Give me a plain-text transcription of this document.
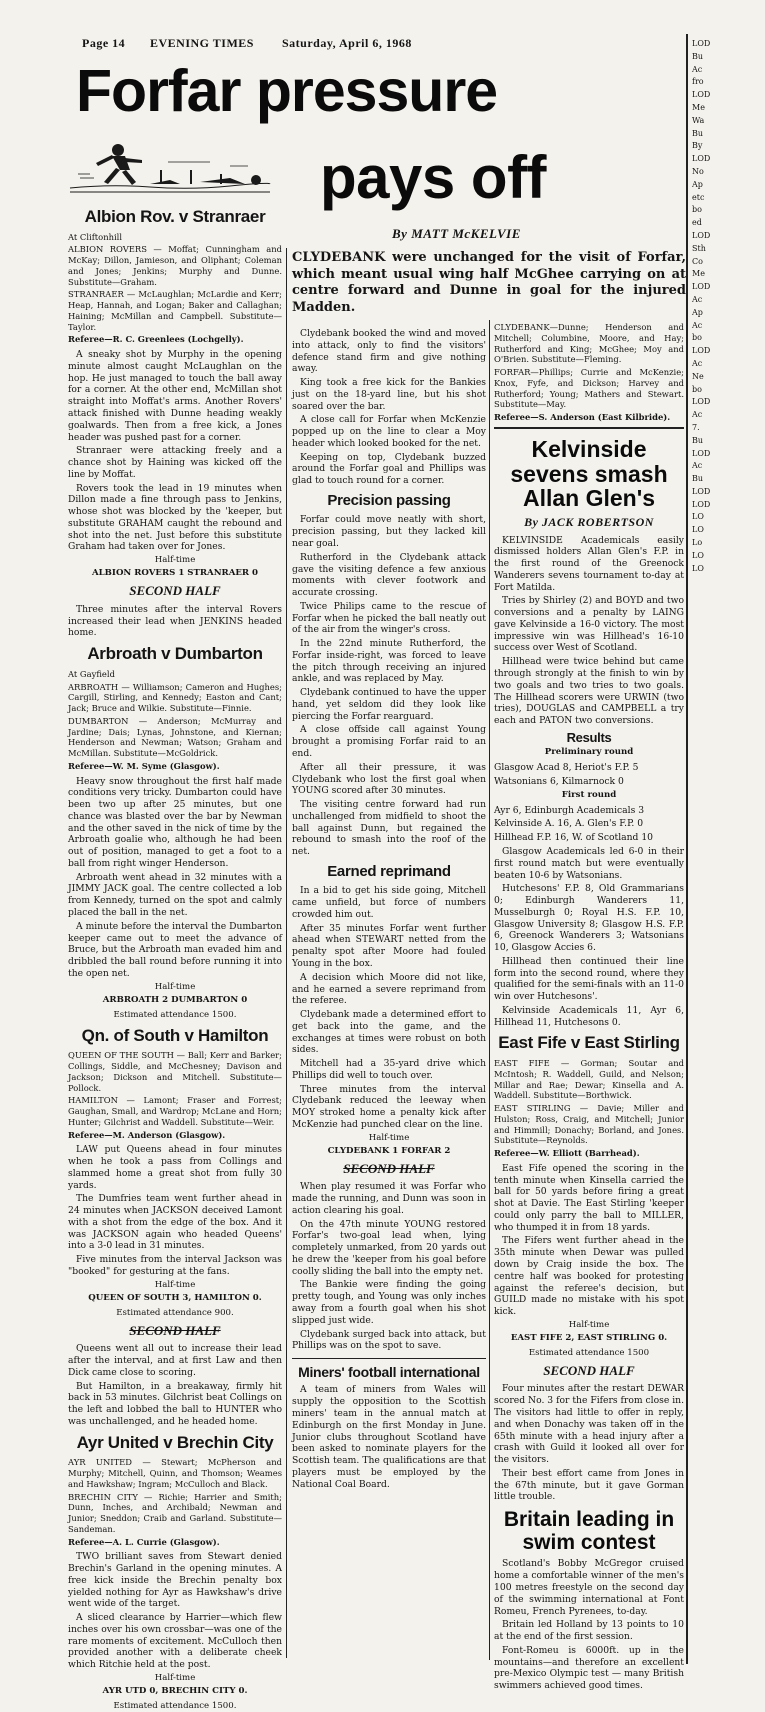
Page 14 EVENING TIMES Saturday, April 6, 1968
Forfar pressure
pays off
By MATT McKELVIE
Albion Rov. v Stranraer

At Cliftonhill

ALBION ROVERS — Moffat; Cunningham and McKay; Dillon, Jamieson, and Oliphant; Coleman and Jones; Jenkins; Murphy and Dunne. Substitute—Graham.

STRANRAER — McLaughlan; McLardie and Kerr; Heap, Hannah, and Logan; Baker and Callaghan; Haining; McMillan and Campbell. Substitute—Taylor.

Referee—R. C. Greenlees (Lochgelly).

A sneaky shot by Murphy in the opening minute almost caught McLaughlan on the hop. He just managed to touch the ball away for a corner. At the other end, McMillan shot straight into Moffat's arms. Another Rovers' attack finished with Dunne heading weakly goalwards. Then from a free kick, a Jones header was pushed past for a corner.

Stranraer were attacking freely and a chance shot by Haining was kicked off the line by Moffat.

Rovers took the lead in 19 minutes when Dillon made a fine through pass to Jenkins, whose shot was blocked by the 'keeper, but substitute GRAHAM caught the rebound and shot into the net. Just before this substitute Graham had taken over for Jones.

Half-time

ALBION ROVERS 1 STRANRAER 0

SECOND HALF

Three minutes after the interval Rovers increased their lead when JENKINS headed home.

Arbroath v Dumbarton

At Gayfield

ARBROATH — Williamson; Cameron and Hughes; Cargill, Stirling, and Kennedy; Easton and Cant; Jack; Bruce and Wilkie. Substitute—Finnie.

DUMBARTON — Anderson; McMurray and Jardine; Dais; Lynas, Johnstone, and Kiernan; Henderson and Newman; Watson; Graham and McMillan. Substitute—McGoldrick.

Referee—W. M. Syme (Glasgow).

Heavy snow throughout the first half made conditions very tricky. Dumbarton could have been two up after 25 minutes, but one chance was blasted over the bar by Newman and the other saved in the nick of time by the Arbroath goalie who, although he had been out of position, managed to get a foot to a ball from right winger Henderson.

Arbroath went ahead in 32 minutes with a JIMMY JACK goal. The centre collected a lob from Kennedy, turned on the spot and calmly placed the ball in the net.

A minute before the interval the Dumbarton keeper came out to meet the advance of Bruce, but the Arbroath man evaded him and dribbled the ball round before running it into the open net.

Half-time

ARBROATH 2 DUMBARTON 0

Estimated attendance 1500.

Qn. of South v Hamilton

QUEEN OF THE SOUTH — Ball; Kerr and Barker; Collings, Siddle, and McChesney; Davison and Jackson; Dickson and Mitchell. Substitute—Pollock.

HAMILTON — Lamont; Fraser and Forrest; Gaughan, Small, and Wardrop; McLane and Horn; Hunter; Gilchrist and Waddell. Substitute—Weir.

Referee—M. Anderson (Glasgow).

LAW put Queens ahead in four minutes when he took a pass from Collings and slammed home a great shot from fully 30 yards.

The Dumfries team went further ahead in 24 minutes when JACKSON deceived Lamont with a shot from the edge of the box. And it was JACKSON again who headed Queens' into a 3-0 lead in 31 minutes.

Five minutes from the interval Jackson was "booked" for gesturing at the fans.

Half-time

QUEEN OF SOUTH 3, HAMILTON 0.

Estimated attendance 900.

SECOND HALF

Queens went all out to increase their lead after the interval, and at first Law and then Dick came close to scoring.

But Hamilton, in a breakaway, firmly hit back in 53 minutes. Gilchrist beat Collings on the left and lobbed the ball to HUNTER who was unchallenged, and he headed home.

Ayr United v Brechin City

AYR UNITED — Stewart; McPherson and Murphy; Mitchell, Quinn, and Thomson; Weames and Hawkshaw; Ingram; McCulloch and Black.

BRECHIN CITY — Richie; Harrier and Smith; Dunn, Inches, and Archibald; Newman and Junior; Sneddon; Craib and Garland. Substitute—Sandeman.

Referee—A. L. Currie (Glasgow).

TWO brilliant saves from Stewart denied Brechin's Garland in the opening minutes. A free kick inside the Brechin penalty box yielded nothing for Ayr as Hawkshaw's drive went wide of the target.

A sliced clearance by Harrier—which flew inches over his own crossbar—was one of the rare moments of excitement. McCulloch then provided another with a deliberate cheek which Ritchie held at the post.

Half-time

AYR UTD 0, BRECHIN CITY 0.

Estimated attendance 1500.

CLYDEBANK were unchanged for the visit of Forfar, which meant usual wing half McGhee carrying on at centre forward and Dunne in goal for the injured Madden.

Clydebank booked the wind and moved into attack, only to find the visitors' defence stand firm and give nothing away.

King took a free kick for the Bankies just on the 18-yard line, but his shot soared over the bar.

A close call for Forfar when McKenzie popped up on the line to clear a Moy header which looked booked for the net.

Keeping on top, Clydebank buzzed around the Forfar goal and Phillips was glad to touch round for a corner.

Precision passing

Forfar could move neatly with short, precision passing, but they lacked kill near goal.

Rutherford in the Clydebank attack gave the visiting defence a few anxious moments with clever footwork and accurate crossing.

Twice Philips came to the rescue of Forfar when he picked the ball neatly out of the air from the winger's cross.

In the 22nd minute Rutherford, the Forfar inside-right, was forced to leave the pitch through receiving an injured ankle, and was replaced by May.

Clydebank continued to have the upper hand, yet seldom did they look like piercing the Forfar rearguard.

A close offside call against Young brought a promising Forfar raid to an end.

After all their pressure, it was Clydebank who lost the first goal when YOUNG scored after 30 minutes.

The visiting centre forward had run unchallenged from midfield to shoot the ball against Dunn, but regained the rebound to smash into the roof of the net.

Earned reprimand

In a bid to get his side going, Mitchell came unfield, but force of numbers crowded him out.

After 35 minutes Forfar went further ahead when STEWART netted from the penalty spot after Moore had fouled Young in the box.

A decision which Moore did not like, and he earned a severe reprimand from the referee.

Clydebank made a determined effort to get back into the game, and the exchanges at times were robust on both sides.

Mitchell had a 35-yard drive which Phillips did well to touch over.

Three minutes from the interval Clydebank reduced the leeway when MOY stroked home a penalty kick after McKenzie had punched clear on the line.

Half-time

CLYDEBANK 1 FORFAR 2

SECOND HALF

When play resumed it was Forfar who made the running, and Dunn was soon in action clearing his goal.

On the 47th minute YOUNG restored Forfar's two-goal lead when, lying completely unmarked, from 20 yards out he drew the 'keeper from his goal before coolly sliding the ball into the empty net.

The Bankie were finding the going pretty tough, and Young was only inches away from a fourth goal when his shot slipped just wide.

Clydebank surged back into attack, but Phillips was on the spot to save.

Miners' football international

A team of miners from Wales will supply the opposition to the Scottish miners' team in the annual match at Edinburgh on the first Monday in June. Junior clubs throughout Scotland have been asked to nominate players for the Scottish team. The qualifications are that players must be employed by the National Coal Board.

CLYDEBANK—Dunne; Henderson and Mitchell; Columbine, Moore, and Hay; Rutherford and King; McGhee; Moy and O'Brien. Substitute—Fleming.

FORFAR—Phillips; Currie and McKenzie; Knox, Fyfe, and Dickson; Harvey and Rutherford; Young; Mathers and Stewart. Substitute—May.

Referee—S. Anderson (East Kilbride).

Kelvinside
sevens smash
Allan Glen's
By JACK ROBERTSON

KELVINSIDE Academicals easily dismissed holders Allan Glen's F.P. in the first round of the Greenock Wanderers sevens tournament to-day at Fort Matilda.

Tries by Shirley (2) and BOYD and two conversions and a penalty by LAING gave Kelvinside a 16-0 victory. The most impressive win was Hillhead's 16-10 success over West of Scotland.

Hillhead were twice behind but came through strongly at the finish to win by two goals and two tries to two goals. The Hillhead scorers were URWIN (two tries), DOUGLAS and CAMPBELL a try each and PATON two conversions.

Results

Preliminary round

Glasgow Acad 8, Heriot's F.P. 5

Watsonians 6, Kilmarnock 0

First round

Ayr 6, Edinburgh Academicals 3

Kelvinside A. 16, A. Glen's F.P. 0

Hillhead F.P. 16, W. of Scotland 10

Glasgow Academicals led 6-0 in their first round match but were eventually beaten 10-6 by Watsonians.

Hutchesons' F.P. 8, Old Grammarians 0; Edinburgh Wanderers 11, Musselburgh 0; Royal H.S. F.P. 10, Glasgow University 8; Glasgow H.S. F.P. 6, Greenock Wanderers 3; Watsonians 10, Glasgow Accies 6.

Hillhead then continued their line form into the second round, where they qualified for the semi-finals with an 11-0 win over Hutchesons'.

Kelvinside Academicals 11, Ayr 6, Hillhead 11, Hutchesons 0.

East Fife v East Stirling

EAST FIFE — Gorman; Soutar and McIntosh; R. Waddell, Guild, and Nelson; Millar and Rae; Dewar; Kinsella and A. Waddell. Substitute—Borthwick.

EAST STIRLING — Davie; Miller and Hulston; Ross, Craig, and Mitchell; Junior and Himmill; Donachy; Borland, and Jones. Substitute—Reynolds.

Referee—W. Elliott (Barrhead).

East Fife opened the scoring in the tenth minute when Kinsella carried the ball for 50 yards before firing a great shot at Davie. The East Stirling 'keeper could only parry the ball to MILLER, who thumped it in from 18 yards.

The Fifers went further ahead in the 35th minute when Dewar was pulled down by Craig inside the box. The centre half was booked for protesting against the referee's decision, but GUILD made no mistake with his spot kick.

Half-time

EAST FIFE 2, EAST STIRLING 0.

Estimated attendance 1500

SECOND HALF

Four minutes after the restart DEWAR scored No. 3 for the Fifers from close in. The visitors had little to offer in reply, and when Donachy was taken off in the 65th minute with a head injury after a crash with Guild it looked all over for the visitors.

Their best effort came from Jones in the 67th minute, but it gave Gorman little trouble.

Britain leading in
swim contest

Scotland's Bobby McGregor cruised home a comfortable winner of the men's 100 metres freestyle on the second day of the swimming international at Font Romeu, French Pyrenees, to-day.

Britain led Holland by 13 points to 10 at the end of the first session.

Font-Romeu is 6000ft. up in the mountains—and therefore an excellent pre-Mexico Olympic test — many British swimmers achieved good times.

LOD
Bu
Ac
fro
LOD
Me
Wa
Bu
By
LOD
No
Ap
etc
bo
ed
LOD
Sth
Co
Me
LOD
Ac
Ap
Ac
bo
LOD
Ac
Ne
bo
LOD
Ac
7.
Bu
LOD
Ac
Bu
LOD
LOD
LO
LO
Lo
LO
LO
